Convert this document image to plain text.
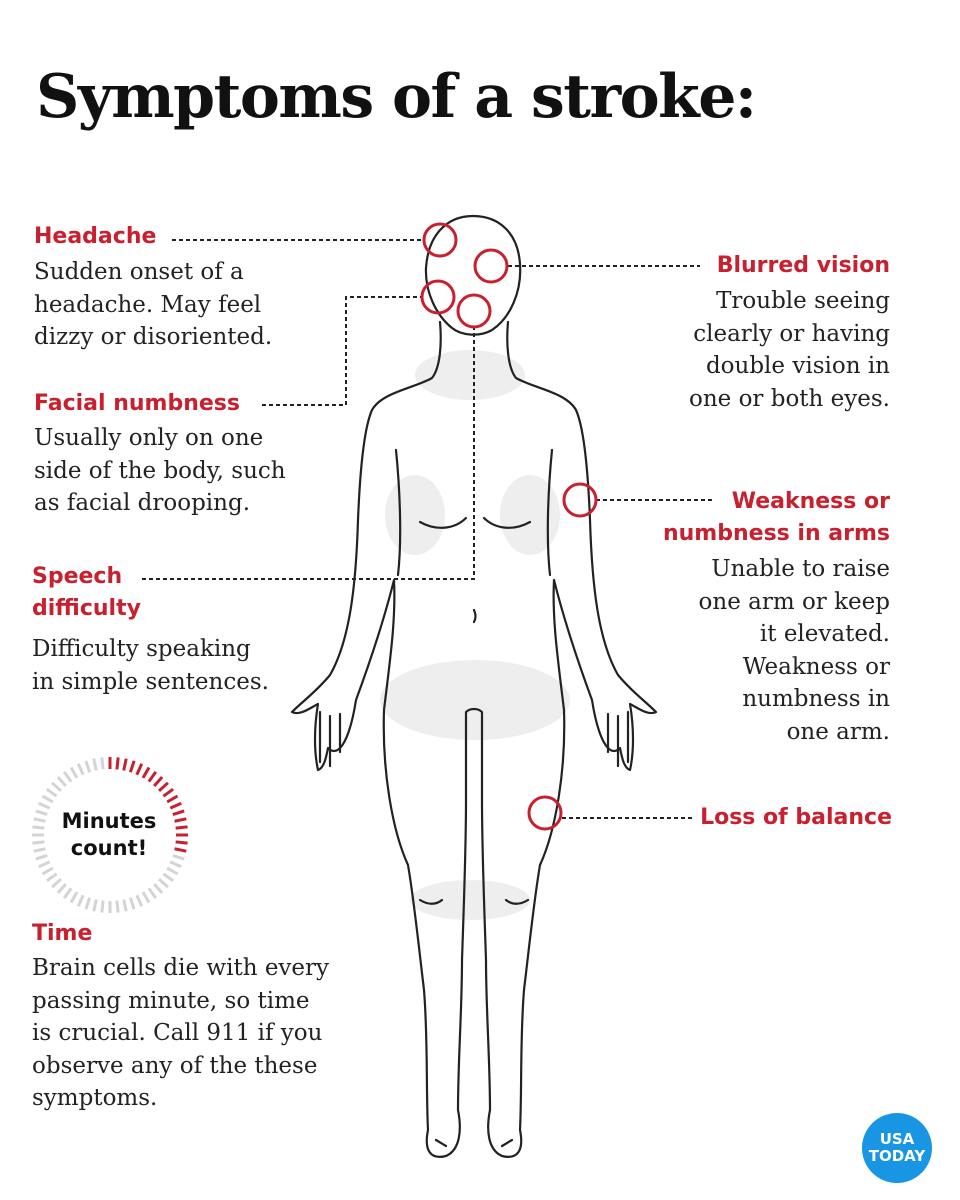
Symptoms of a stroke:
Headache
Sudden onset of a
headache. May feel
dizzy or disoriented.
Facial numbness
Usually only on one
side of the body, such
as facial drooping.
Speech
difficulty
Difficulty speaking
in simple sentences.
Blurred vision
Trouble seeing
clearly or having
double vision in
one or both eyes.
Weakness or
numbness in arms
Unable to raise
one arm or keep
it elevated.
Weakness or
numbness in
one arm.
Loss of balance
Minutes
count!
Time
Brain cells die with every
passing minute, so time
is crucial. Call 911 if you
observe any of the these
symptoms.
USA
TODAY
